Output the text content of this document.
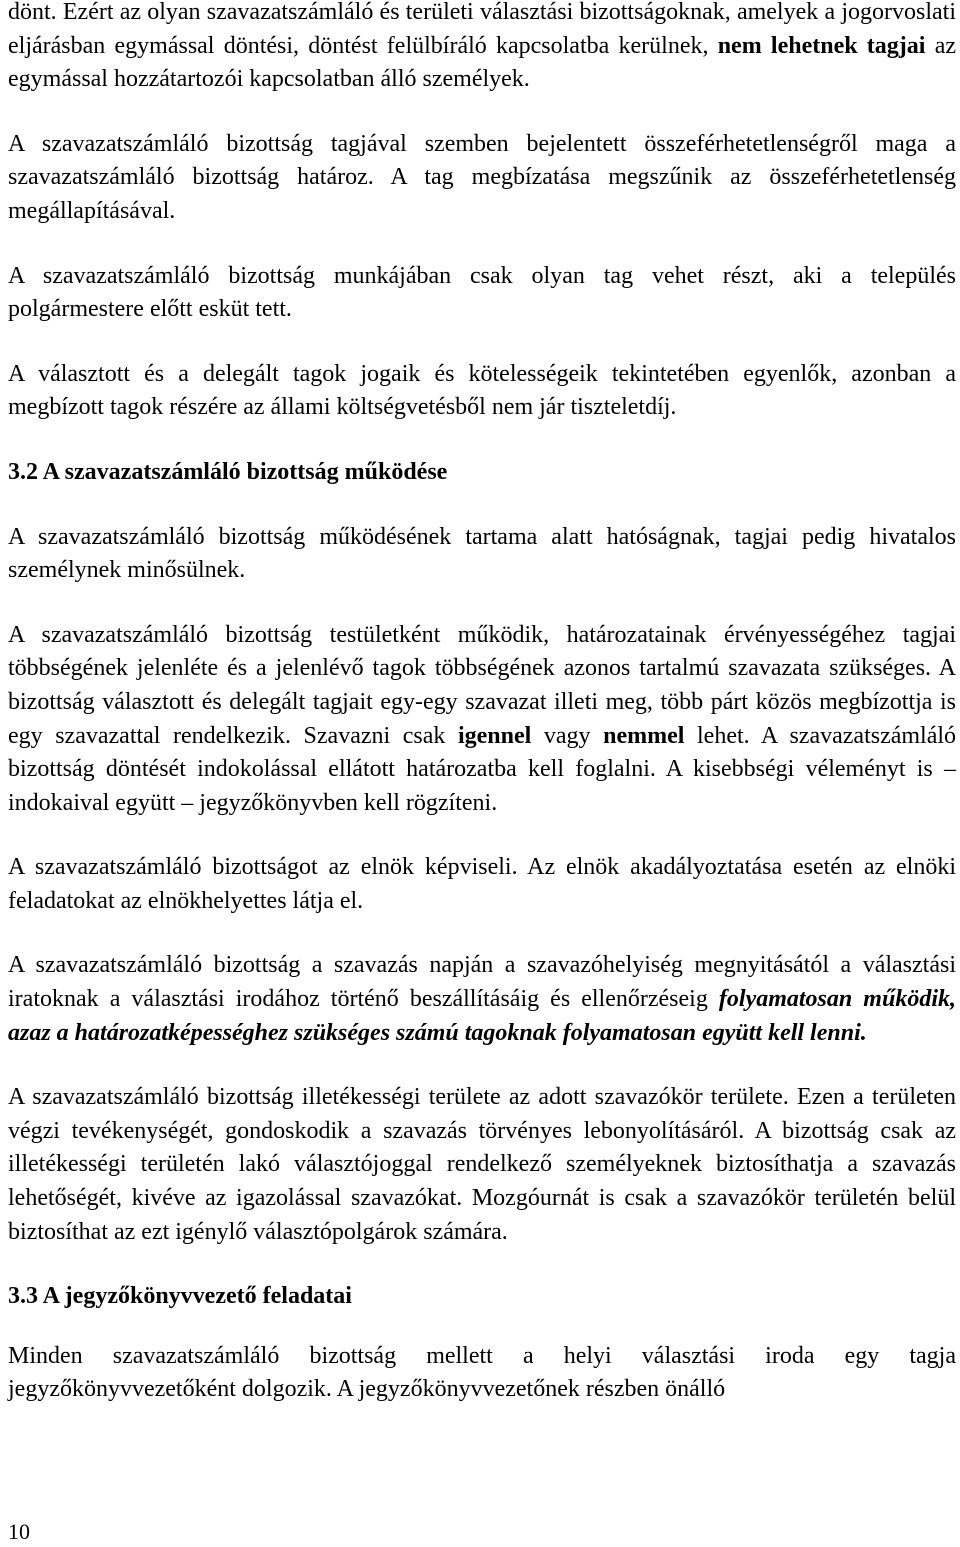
dönt. Ezért az olyan szavazatszámláló és területi választási bizottságoknak, amelyek a jogorvoslati eljárásban egymással döntési, döntést felülbíráló kapcsolatba kerülnek, nem lehetnek tagjai az egymással hozzátartozói kapcsolatban álló személyek.

A szavazatszámláló bizottság tagjával szemben bejelentett összeférhetetlenségről maga a szavazatszámláló bizottság határoz. A tag megbízatása megszűnik az összeférhetetlenség megállapításával.

A szavazatszámláló bizottság munkájában csak olyan tag vehet részt, aki a település polgármestere előtt esküt tett.

A választott és a delegált tagok jogaik és kötelességeik tekintetében egyenlők, azonban a megbízott tagok részére az állami költségvetésből nem jár tiszteletdíj.

3.2 A szavazatszámláló bizottság működése

A szavazatszámláló bizottság működésének tartama alatt hatóságnak, tagjai pedig hivatalos személynek minősülnek.

A szavazatszámláló bizottság testületként működik, határozatainak érvényességéhez tagjai többségének jelenléte és a jelenlévő tagok többségének azonos tartalmú szavazata szükséges. A bizottság választott és delegált tagjait egy-egy szavazat illeti meg, több párt közös megbízottja is egy szavazattal rendelkezik. Szavazni csak igennel vagy nemmel lehet. A szavazatszámláló bizottság döntését indokolással ellátott határozatba kell foglalni. A kisebbségi véleményt is – indokaival együtt – jegyzőkönyvben kell rögzíteni.

A szavazatszámláló bizottságot az elnök képviseli. Az elnök akadályoztatása esetén az elnöki feladatokat az elnökhelyettes látja el.

A szavazatszámláló bizottság a szavazás napján a szavazóhelyiség megnyitásától a választási iratoknak a választási irodához történő beszállításáig és ellenőrzéseig folyamatosan működik, azaz a határozatképességhez szükséges számú tagoknak folyamatosan együtt kell lenni.

A szavazatszámláló bizottság illetékességi területe az adott szavazókör területe. Ezen a területen végzi tevékenységét, gondoskodik a szavazás törvényes lebonyolításáról. A bizottság csak az illetékességi területén lakó választójoggal rendelkező személyeknek biztosíthatja a szavazás lehetőségét, kivéve az igazolással szavazókat. Mozgóurnát is csak a szavazókör területén belül biztosíthat az ezt igénylő választópolgárok számára.

3.3 A jegyzőkönyvvezető feladatai

Minden szavazatszámláló bizottság mellett a helyi választási iroda egy tagja jegyzőkönyvvezetőként dolgozik. A jegyzőkönyvvezetőnek részben önálló

10
